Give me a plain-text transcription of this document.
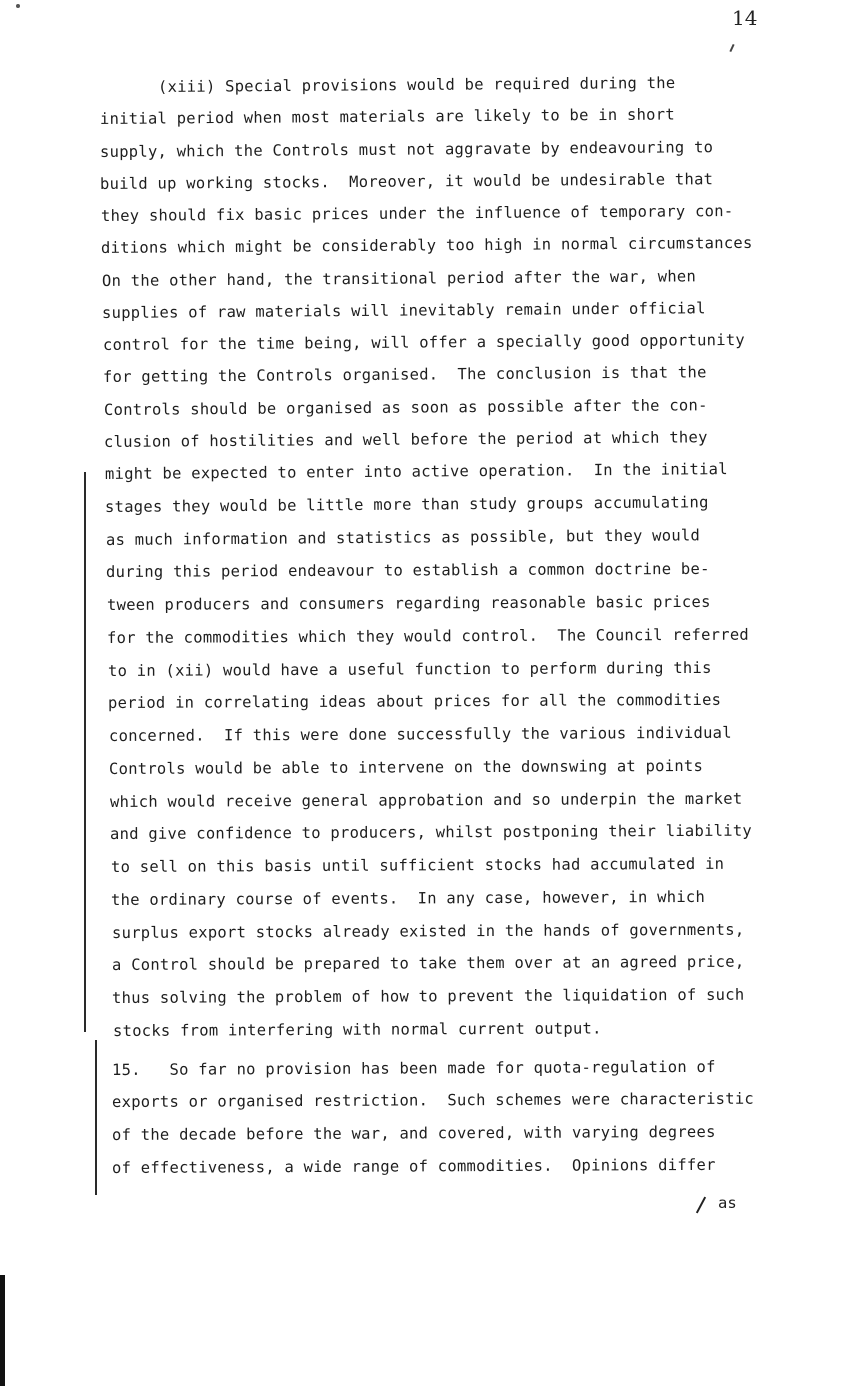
14
(xiii) Special provisions would be required during the
initial period when most materials are likely to be in short
supply, which the Controls must not aggravate by endeavouring to
build up working stocks.  Moreover, it would be undesirable that
they should fix basic prices under the influence of temporary con-
ditions which might be considerably too high in normal circumstances
On the other hand, the transitional period after the war, when
supplies of raw materials will inevitably remain under official
control for the time being, will offer a specially good opportunity
for getting the Controls organised.  The conclusion is that the
Controls should be organised as soon as possible after the con-
clusion of hostilities and well before the period at which they
might be expected to enter into active operation.  In the initial
stages they would be little more than study groups accumulating
as much information and statistics as possible, but they would
during this period endeavour to establish a common doctrine be-
tween producers and consumers regarding reasonable basic prices
for the commodities which they would control.  The Council referred
to in (xii) would have a useful function to perform during this
period in correlating ideas about prices for all the commodities
concerned.  If this were done successfully the various individual
Controls would be able to intervene on the downswing at points
which would receive general approbation and so underpin the market
and give confidence to producers, whilst postponing their liability
to sell on this basis until sufficient stocks had accumulated in
the ordinary course of events.  In any case, however, in which
surplus export stocks already existed in the hands of governments,
a Control should be prepared to take them over at an agreed price,
thus solving the problem of how to prevent the liquidation of such
stocks from interfering with normal current output.
15.   So far no provision has been made for quota-regulation of
exports or organised restriction.  Such schemes were characteristic
of the decade before the war, and covered, with varying degrees
of effectiveness, a wide range of commodities.  Opinions differ
as
